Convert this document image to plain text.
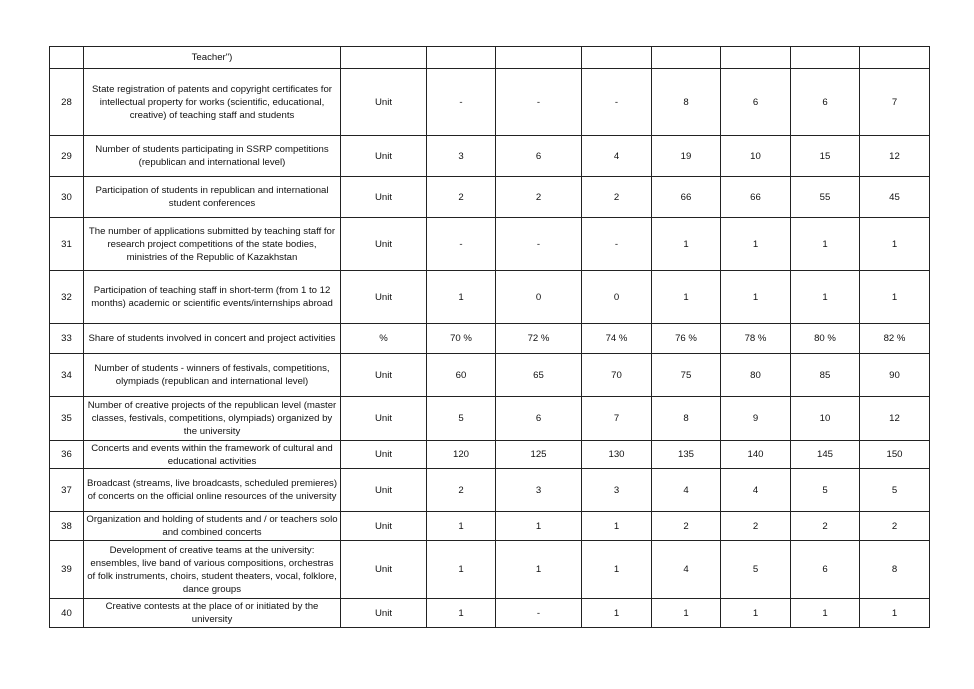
	Teacher")								
28	State registration of patents and copyright certificates for intellectual property for works (scientific, educational, creative) of teaching staff and students	Unit	-	-	-	8	6	6	7
29	Number of students participating in SSRP competitions (republican and international level)	Unit	3	6	4	19	10	15	12
30	Participation of students in republican and international student conferences	Unit	2	2	2	66	66	55	45
31	The number of applications submitted by teaching staff for research project competitions of the state bodies, ministries of the Republic of Kazakhstan	Unit	-	-	-	1	1	1	1
32	Participation of teaching staff in short-term (from 1 to 12 months) academic or scientific events/internships abroad	Unit	1	0	0	1	1	1	1
33	Share of students involved in concert and project activities	%	70 %	72 %	74 %	76 %	78 %	80 %	82 %
34	Number of students - winners of festivals, competitions, olympiads (republican and international level)	Unit	60	65	70	75	80	85	90
35	Number of creative projects of the republican level (master classes, festivals, competitions, olympiads) organized by the university	Unit	5	6	7	8	9	10	12
36	Concerts and events within the framework of cultural and educational activities	Unit	120	125	130	135	140	145	150
37	Broadcast (streams, live broadcasts, scheduled premieres) of concerts on the official online resources of the university	Unit	2	3	3	4	4	5	5
38	Organization and holding of students and / or teachers solo and combined concerts	Unit	1	1	1	2	2	2	2
39	Development of creative teams at the university: ensembles, live band of various compositions, orchestras of folk instruments, choirs, student theaters, vocal, folklore, dance groups	Unit	1	1	1	4	5	6	8
40	Creative contests at the place of or initiated by the university	Unit	1	-	1	1	1	1	1
